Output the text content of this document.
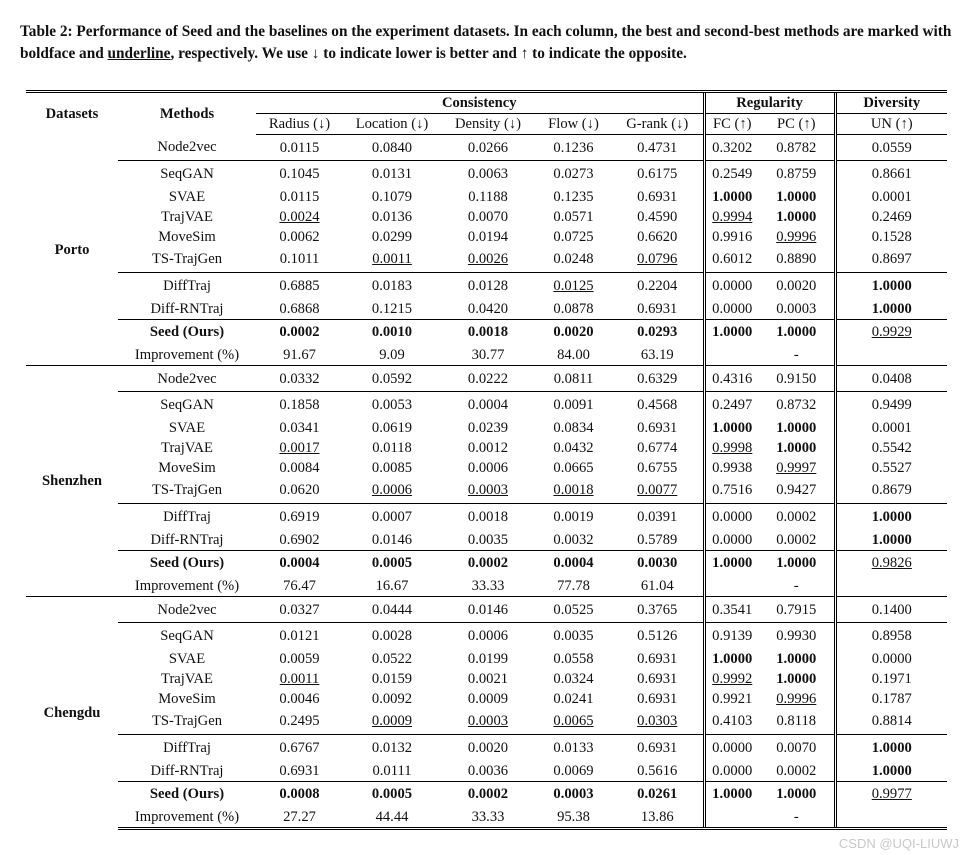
Table 2: Performance of Seed and the baselines on the experiment datasets. In each column, the best and second-best methods are marked with boldface and underline, respectively. We use ↓ to indicate lower is better and ↑ to indicate the opposite.

Datasets	Methods	Consistency					Regularity		Diversity
		Radius (↓)	Location (↓)	Density (↓)	Flow (↓)	G-rank (↓)	FC (↑)	PC (↑)	UN (↑)
Porto	Node2vec	0.0115	0.0840	0.0266	0.1236	0.4731	0.3202	0.8782	0.0559
	SeqGAN	0.1045	0.0131	0.0063	0.0273	0.6175	0.2549	0.8759	0.8661
	SVAE	0.0115	0.1079	0.1188	0.1235	0.6931	1.0000	1.0000	0.0001
	TrajVAE	0.0024	0.0136	0.0070	0.0571	0.4590	0.9994	1.0000	0.2469
	MoveSim	0.0062	0.0299	0.0194	0.0725	0.6620	0.9916	0.9996	0.1528
	TS-TrajGen	0.1011	0.0011	0.0026	0.0248	0.0796	0.6012	0.8890	0.8697
	DiffTraj	0.6885	0.0183	0.0128	0.0125	0.2204	0.0000	0.0020	1.0000
	Diff-RNTraj	0.6868	0.1215	0.0420	0.0878	0.6931	0.0000	0.0003	1.0000
	Seed (Ours)	0.0002	0.0010	0.0018	0.0020	0.0293	1.0000	1.0000	0.9929
	Improvement (%)	91.67	9.09	30.77	84.00	63.19		-	
Shenzhen	Node2vec	0.0332	0.0592	0.0222	0.0811	0.6329	0.4316	0.9150	0.0408
	SeqGAN	0.1858	0.0053	0.0004	0.0091	0.4568	0.2497	0.8732	0.9499
	SVAE	0.0341	0.0619	0.0239	0.0834	0.6931	1.0000	1.0000	0.0001
	TrajVAE	0.0017	0.0118	0.0012	0.0432	0.6774	0.9998	1.0000	0.5542
	MoveSim	0.0084	0.0085	0.0006	0.0665	0.6755	0.9938	0.9997	0.5527
	TS-TrajGen	0.0620	0.0006	0.0003	0.0018	0.0077	0.7516	0.9427	0.8679
	DiffTraj	0.6919	0.0007	0.0018	0.0019	0.0391	0.0000	0.0002	1.0000
	Diff-RNTraj	0.6902	0.0146	0.0035	0.0032	0.5789	0.0000	0.0002	1.0000
	Seed (Ours)	0.0004	0.0005	0.0002	0.0004	0.0030	1.0000	1.0000	0.9826
	Improvement (%)	76.47	16.67	33.33	77.78	61.04		-	
Chengdu	Node2vec	0.0327	0.0444	0.0146	0.0525	0.3765	0.3541	0.7915	0.1400
	SeqGAN	0.0121	0.0028	0.0006	0.0035	0.5126	0.9139	0.9930	0.8958
	SVAE	0.0059	0.0522	0.0199	0.0558	0.6931	1.0000	1.0000	0.0000
	TrajVAE	0.0011	0.0159	0.0021	0.0324	0.6931	0.9992	1.0000	0.1971
	MoveSim	0.0046	0.0092	0.0009	0.0241	0.6931	0.9921	0.9996	0.1787
	TS-TrajGen	0.2495	0.0009	0.0003	0.0065	0.0303	0.4103	0.8118	0.8814
	DiffTraj	0.6767	0.0132	0.0020	0.0133	0.6931	0.0000	0.0070	1.0000
	Diff-RNTraj	0.6931	0.0111	0.0036	0.0069	0.5616	0.0000	0.0002	1.0000
	Seed (Ours)	0.0008	0.0005	0.0002	0.0003	0.0261	1.0000	1.0000	0.9977
	Improvement (%)	27.27	44.44	33.33	95.38	13.86		-	
CSDN @UQI-LIUWJ
